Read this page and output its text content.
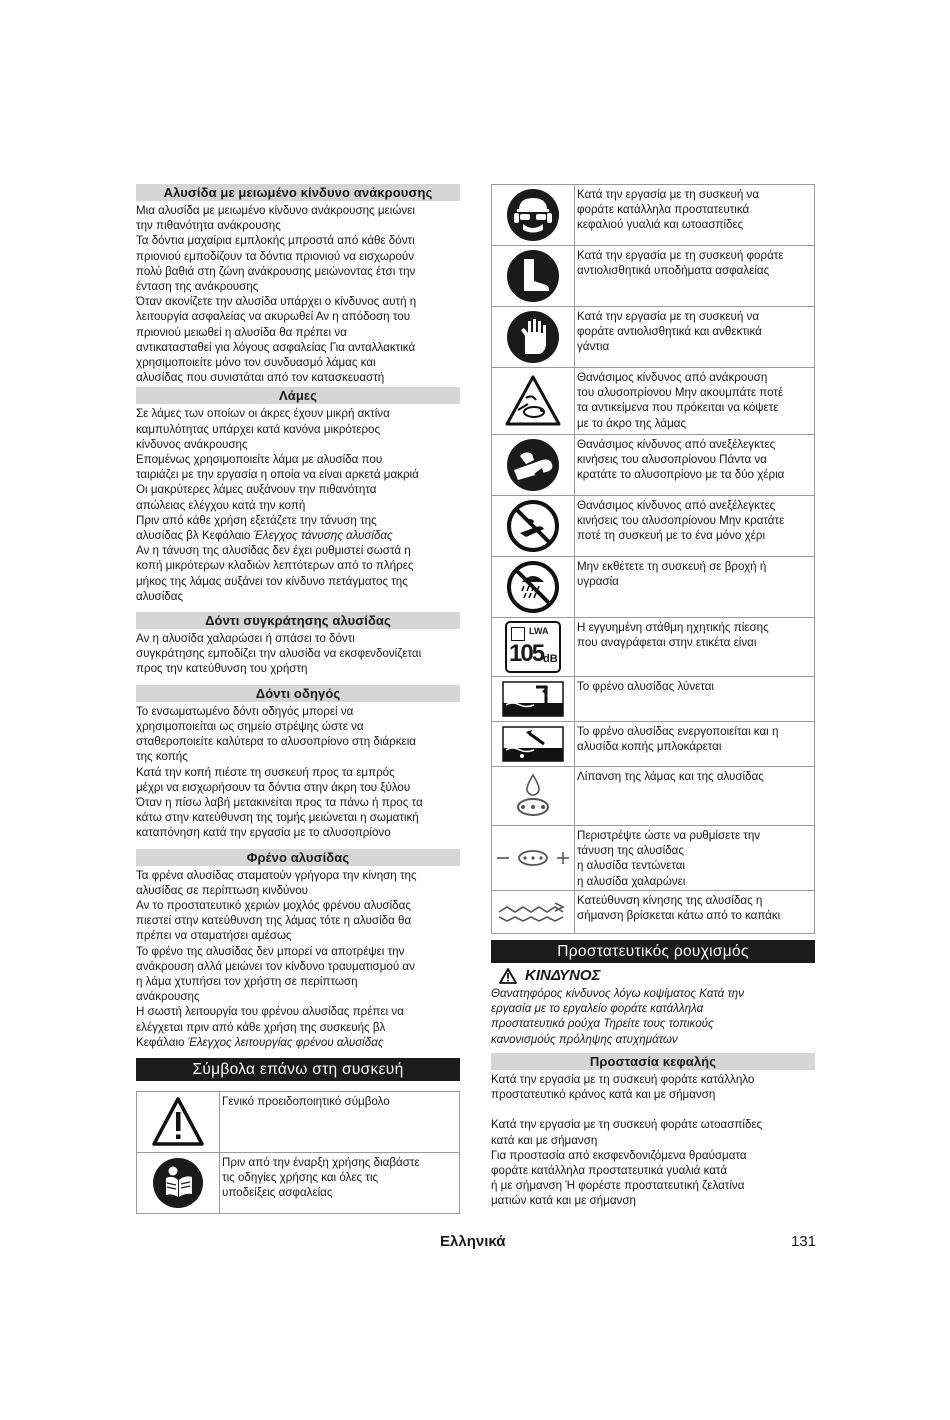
Αλυσίδα με μειωμένο κίνδυνο ανάκρουσης
Μια αλυσίδα με μειωμένο κίνδυνο ανάκρουσης μειώνει
την πιθανότητα ανάκρουσης
Τα δόντια μαχαίρια εμπλοκής μπροστά από κάθε δόντι
πριονιού εμποδίζουν τα δόντια πριονιού να εισχωρούν
πολύ βαθιά στη ζώνη ανάκρουσης μειώνοντας έτσι την
ένταση της ανάκρουσης
Όταν ακονίζετε την αλυσίδα υπάρχει ο κίνδυνος αυτή η
λειτουργία ασφαλείας να ακυρωθεί Αν η απόδοση του
πριονιού μειωθεί η αλυσίδα θα πρέπει να
αντικατασταθεί για λόγους ασφαλείας Για ανταλλακτικά
χρησιμοποιείτε μόνο τον συνδυασμό λάμας και
αλυσίδας που συνιστάται από τον κατασκευαστή
Λάμες
Σε λάμες των οποίων οι άκρες έχουν μικρή ακτίνα
καμπυλότητας υπάρχει κατά κανόνα μικρότερος
κίνδυνος ανάκρουσης
Επομένως χρησιμοποιείτε λάμα με αλυσίδα που
ταιριάζει με την εργασία η οποία να είναι αρκετά μακριά
Οι μακρύτερες λάμες αυξάνουν την πιθανότητα
απώλειας ελέγχου κατά την κοπή
Πριν από κάθε χρήση εξετάζετε την τάνυση της
αλυσίδας βλ Κεφάλαιο Έλεγχος τάνυσης αλυσίδας
Αν η τάνυση της αλυσίδας δεν έχει ρυθμιστεί σωστά η
κοπή μικρότερων κλαδιών λεπτότερων από το πλήρες
μήκος της λάμας αυξάνει τον κίνδυνο πετάγματος της
αλυσίδας
Δόντι συγκράτησης αλυσίδας
Αν η αλυσίδα χαλαρώσει ή σπάσει το δόντι
συγκράτησης εμποδίζει την αλυσίδα να εκσφενδονίζεται
προς την κατεύθυνση του χρήστη
Δόντι οδηγός
Το ενσωματωμένο δόντι οδηγός μπορεί να
χρησιμοποιείται ως σημείο στρέψης ώστε να
σταθεροποιείτε καλύτερα το αλυσοπρίονο στη διάρκεια
της κοπής
Κατά την κοπή πιέστε τη συσκευή προς τα εμπρός
μέχρι να εισχωρήσουν τα δόντια στην άκρη του ξύλου
Όταν η πίσω λαβή μετακινείται προς τα πάνω ή προς τα
κάτω στην κατεύθυνση της τομής μειώνεται η σωματική
καταπόνηση κατά την εργασία με το αλυσοπρίονο
Φρένο αλυσίδας
Τα φρένα αλυσίδας σταματούν γρήγορα την κίνηση της
αλυσίδας σε περίπτωση κινδύνου
Αν το προστατευτικό χεριών μοχλός φρένου αλυσίδας
πιεστεί στην κατεύθυνση της λάμας τότε η αλυσίδα θα
πρέπει να σταματήσει αμέσως
Το φρένο της αλυσίδας δεν μπορεί να αποτρέψει την
ανάκρουση αλλά μειώνει τον κίνδυνο τραυματισμού αν
η λάμα χτυπήσει τον χρήστη σε περίπτωση
ανάκρουσης
Η σωστή λειτουργία του φρένου αλυσίδας πρέπει να
ελέγχεται πριν από κάθε χρήση της συσκευής βλ
Κεφάλαιο Έλεγχος λειτουργίας φρένου αλυσίδας
Σύμβολα επάνω στη συσκευή
	Γενικό προειδοποιητικό σύμβολο

	Πριν από την έναρξη χρήσης διαβάστε
τις οδηγίες χρήσης και όλες τις
υποδείξεις ασφαλείας
	Κατά την εργασία με τη συσκευή να
φοράτε κατάλληλα προστατευτικά
κεφαλιού γυαλιά και ωτοασπίδες

	Κατά την εργασία με τη συσκευή φοράτε
αντιολισθητικά υποδήματα ασφαλείας

	Κατά την εργασία με τη συσκευή να
φοράτε αντιολισθητικά και ανθεκτικά
γάντια

	Θανάσιμος κίνδυνος από ανάκρουση
του αλυσοπρίονου Μην ακουμπάτε ποτέ
τα αντικείμενα που πρόκειται να κόψετε
με το άκρο της λάμας

	Θανάσιμος κίνδυνος από ανεξέλεγκτες
κινήσεις του αλυσοπρίονου Πάντα να
κρατάτε το αλυσοπρίονο με τα δύο χέρια

	Θανάσιμος κίνδυνος από ανεξέλεγκτες
κινήσεις του αλυσοπρίονου Μην κρατάτε
ποτέ τη συσκευή με το ένα μόνο χέρι

	Μην εκθέτετε τη συσκευή σε βροχή ή
υγρασία

LWA
105 dB	Η εγγυημένη στάθμη ηχητικής πίεσης
που αναγράφεται στην ετικέτα είναι

	Το φρένο αλυσίδας λύνεται

	Το φρένο αλυσίδας ενεργοποιείται και η
αλυσίδα κοπής μπλοκάρεται

	Λίπανση της λάμας και της αλυσίδας

	Περιστρέψτε ώστε να ρυθμίσετε την
τάνυση της αλυσίδας
η αλυσίδα τεντώνεται
η αλυσίδα χαλαρώνει

	Κατεύθυνση κίνησης της αλυσίδας η
σήμανση βρίσκεται κάτω από το καπάκι
Προστατευτικός ρουχισμός
ΚΙΝΔΥΝΟΣ
Θανατηφόρος κίνδυνος λόγω κοψίματος Κατά την
εργασία με το εργαλείο φοράτε κατάλληλα
προστατευτικά ρούχα Τηρείτε τους τοπικούς
κανονισμούς πρόληψης ατυχημάτων
Προστασία κεφαλής
Κατά την εργασία με τη συσκευή φοράτε κατάλληλο
προστατευτικό κράνος κατά και με σήμανση

Κατά την εργασία με τη συσκευή φοράτε ωτοασπίδες
κατά και με σήμανση
Για προστασία από εκσφενδονιζόμενα θραύσματα
φοράτε κατάλληλα προστατευτικά γυαλιά κατά
ή με σήμανση Ή φορέστε προστατευτική ζελατίνα
ματιών κατά και με σήμανση
Ελληνικά	131
